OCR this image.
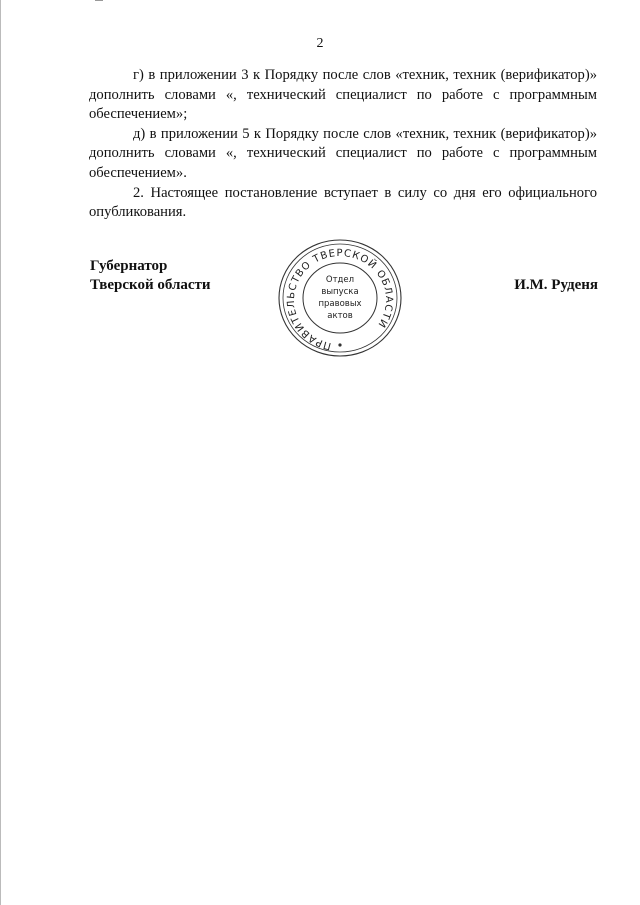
2

г) в приложении 3 к Порядку после слов «техник, техник (верификатор)» дополнить словами «, технический специалист по работе с программным обеспечением»;

д) в приложении 5 к Порядку после слов «техник, техник (верификатор)» дополнить словами «, технический специалист по работе с программным обеспечением».

2. Настоящее постановление вступает в силу со дня его официального опубликования.

Губернатор
Тверской области	И.М. Руденя
ПРАВИТЕЛЬСТВО ТВЕРСКОЙ ОБЛАСТИ
Отдел
выпуска
правовых
актов
